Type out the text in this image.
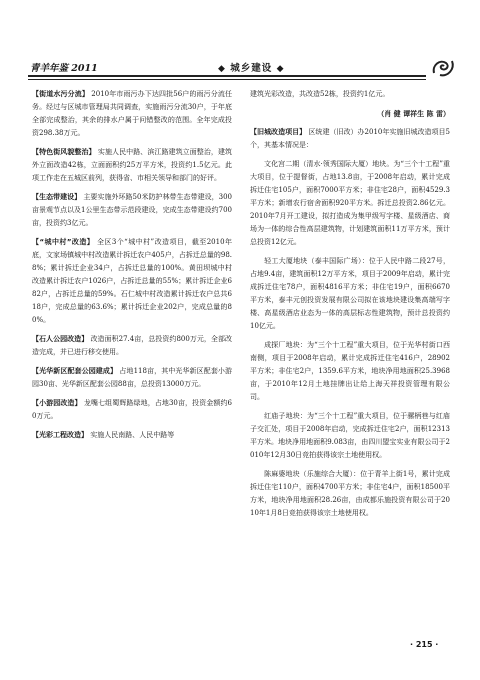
青羊年鉴 2011	◆ 城乡建设 ◆

【街道水污分流】 2010年市雨污办下达四批56户的雨污分流任务。经过与区城市管理局共同调查，实施雨污分流30户，于年底全部完成整治，其余的排水户属于问错整改的范围。全年完成投资298.38万元。

【特色街风貌整治】 实施人民中路、滨江路建筑立面整治，建筑外立面改造42栋，立面面积约25万平方米，投资约1.5亿元。此项工作走在五城区前列，获得省、市相关领导和部门的好评。

【生态带建设】 主要实施外环路50米防护林带生态带建设，300亩景观节点以及1公里生态带示范段建设，完成生态带建设约700亩，投资约3亿元。

【“城中村”改造】 全区3个“城中村”改造项目，截至2010年底，文家场镇城中村改造累计拆迁农户405户，占拆迁总量的98.8%；累计拆迁企业34户，占拆迁总量的100%。黄田坝城中村改造累计拆迁农户1026户，占拆迁总量的55%；累计拆迁企业682户，占拆迁总量的59%。石仁城中村改造累计拆迁农户总共618户，完成总量的63.6%；累计拆迁企业202户，完成总量的80%。

【石人公园改造】 改造面积27.4亩，总投资约800万元，全部改造完成，并已进行移交使用。

【光华新区配套公园建成】 占地118亩，其中光华新区配套小游园30亩、光华新区配套公园88亩，总投资13000万元。

【小游园改造】 龙嘴七组蜀辉路绿地，占地30亩，投资金额约60万元。

【光彩工程改造】 实施人民南路、人民中路等

建筑光彩改造，共改造52栋，投资约1亿元。

（肖 健 谭祥生 陈 雷）

【旧城改造项目】 区统建（旧改）办2010年实施旧城改造项目5个，其基本情况是：

文化宫二期（清水·领秀国际大厦）地块。为“三个十工程”重大项目，位于提督街，占地13.8亩，于2008年启动，累计完成拆迁住宅105户，面积7000平方米；非住宅28户，面积4529.3平方米；新增农行宿舍面积920平方米。拆迁总投资2.86亿元。2010年7月开工建设，拟打造成为集甲级写字楼、星级酒店、商场为一体的综合性高层建筑物，计划建筑面积11万平方米，预计总投资12亿元。

轻工大厦地块（泰丰国际广场）：位于人民中路二段27号，占地9.4亩，建筑面积12万平方米，项目于2009年启动，累计完成拆迁住宅78户，面积4816平方米；非住宅19户，面积6670平方米，泰丰元创投资发展有限公司拟在该地块建设集高端写字楼、高星级酒店业态为一体的高层标志性建筑物，预计总投资约10亿元。

成探厂地块：为“三个十工程”重大项目，位于光华村街口西南侧，项目于2008年启动，累计完成拆迁住宅416户，28902平方米；非住宅2户，1359.6平方米，地块净用地面积25.3968亩，于2010年12月土地挂牌出让给上海天祥投资管理有限公司。

红庙子地块：为“三个十工程”重大项目，位于骡柄巷与红庙子交汇处，项目于2008年启动，完成拆迁住宅2户，面积12313平方米。地块净用地面积9.083亩，由四川盟宝实业有限公司于2010年12月30日竞拍获得该宗土地使用权。

陈麻婆地块（乐施综合大厦）：位于青羊上街1号，累计完成拆迁住宅110户，面积4700平方米；非住宅4户，面积18500平方米，地块净用地面积28.26亩，由成都乐施投资有限公司于2010年1月8日竞拍获得该宗土地使用权。

· 215 ·
